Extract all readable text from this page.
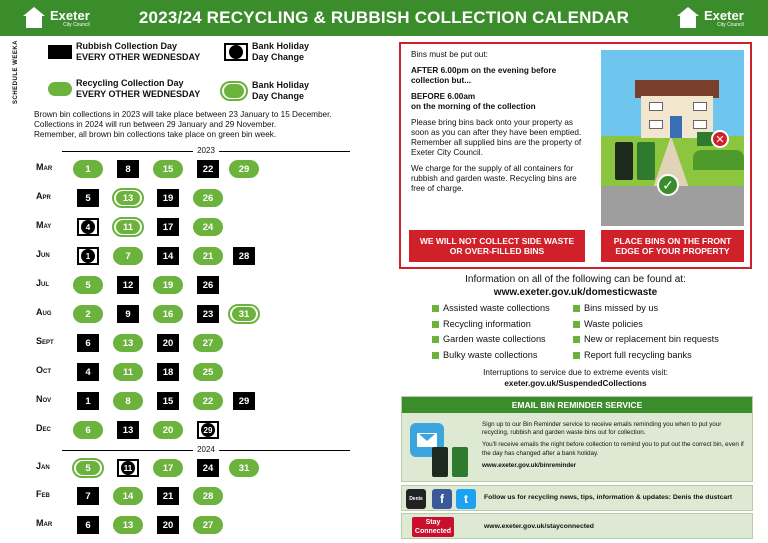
Exeter
City Council	2023/24 RECYCLING & RUBBISH COLLECTION CALENDAR	Exeter
City Council
SCHEDULE WEEKA	Rubbish Collection Day
EVERY OTHER WEDNESDAY
Bank Holiday
Day Change
Recycling Collection Day
EVERY OTHER WEDNESDAY
Bank Holiday
Day Change
Brown bin collections in 2023 will take place between 23 January to 15 December.
Collections in 2024 will run between 29 January and 29 November.
Remember, all brown bin collections take place on green bin week.
2023
2024
Mar	1	8	15	22	29
Apr	5	13	19	26
May	4	11	17	24
Jun	1	7	14	21	28
Jul	5	12	19	26
Aug	2	9	16	23	31
Sept	6	13	20	27
Oct	4	11	18	25
Nov	1	8	15	22	29
Dec	6	13	20	29
Jan	5	11	17	24	31
Feb	7	14	21	28
Mar	6	13	20	27

Bins must be put out:

AFTER 6.00pm on the evening before collection but...

BEFORE 6.00am
on the morning of the collection

Please bring bins back onto your property as soon as you can after they have been emptied. Remember all supplied bins are the property of Exeter City Council.

We charge for the supply of all containers for rubbish and garden waste. Recycling bins are free of charge.	✓
✕
WE WILL NOT COLLECT SIDE WASTE OR OVER-FILLED BINS
PLACE BINS ON THE FRONT EDGE OF YOUR PROPERTY
Information on all of the following can be found at:
www.exeter.gov.uk/domesticwaste
Assisted waste collections
Recycling information
Garden waste collections
Bulky waste collections
Bins missed by us
Waste policies
New or replacement bin requests
Report full recycling banks
Interruptions to service due to extreme events visit:
exeter.gov.uk/SuspendedCollections
EMAIL BIN REMINDER SERVICE

Sign up to our Bin Reminder service to receive emails reminding you when to put your recycling, rubbish and garden waste bins out for collection.

You'll receive emails the night before collection to remind you to put out the correct bin, even if the day has changed after a bank holiday.

www.exeter.gov.uk/binreminder

Denis	f	t	Follow us for recycling news, tips, information & updates: Denis the dustcart
Stay
Connected
www.exeter.gov.uk/stayconnected
